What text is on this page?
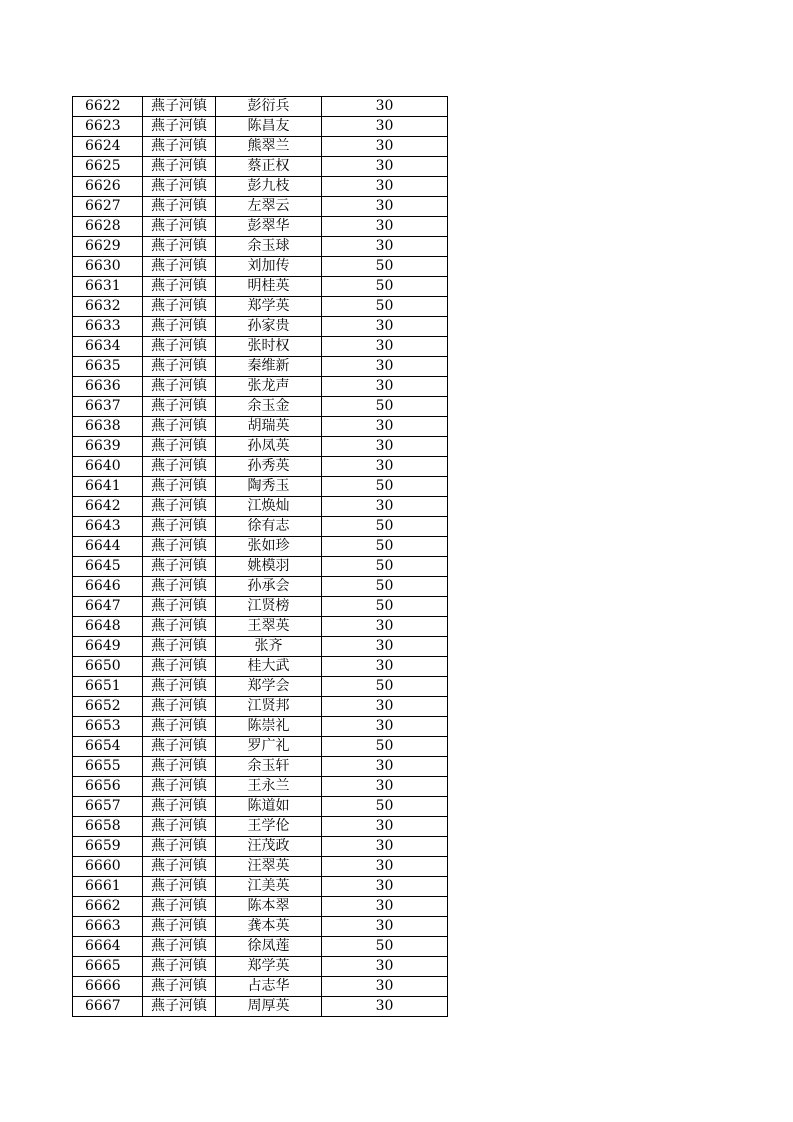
6622	燕子河镇	彭衍兵	30
6623	燕子河镇	陈昌友	30
6624	燕子河镇	熊翠兰	30
6625	燕子河镇	蔡正权	30
6626	燕子河镇	彭九枝	30
6627	燕子河镇	左翠云	30
6628	燕子河镇	彭翠华	30
6629	燕子河镇	余玉球	30
6630	燕子河镇	刘加传	50
6631	燕子河镇	明桂英	50
6632	燕子河镇	郑学英	50
6633	燕子河镇	孙家贵	30
6634	燕子河镇	张时权	30
6635	燕子河镇	秦维新	30
6636	燕子河镇	张龙声	30
6637	燕子河镇	余玉金	50
6638	燕子河镇	胡瑞英	30
6639	燕子河镇	孙凤英	30
6640	燕子河镇	孙秀英	30
6641	燕子河镇	陶秀玉	50
6642	燕子河镇	江焕灿	30
6643	燕子河镇	徐有志	50
6644	燕子河镇	张如珍	50
6645	燕子河镇	姚模羽	50
6646	燕子河镇	孙承会	50
6647	燕子河镇	江贤榜	50
6648	燕子河镇	王翠英	30
6649	燕子河镇	张齐	30
6650	燕子河镇	桂大武	30
6651	燕子河镇	郑学会	50
6652	燕子河镇	江贤邦	30
6653	燕子河镇	陈崇礼	30
6654	燕子河镇	罗广礼	50
6655	燕子河镇	余玉轩	30
6656	燕子河镇	王永兰	30
6657	燕子河镇	陈道如	50
6658	燕子河镇	王学伦	30
6659	燕子河镇	汪茂政	30
6660	燕子河镇	汪翠英	30
6661	燕子河镇	江美英	30
6662	燕子河镇	陈本翠	30
6663	燕子河镇	龚本英	30
6664	燕子河镇	徐凤莲	50
6665	燕子河镇	郑学英	30
6666	燕子河镇	占志华	30
6667	燕子河镇	周厚英	30
